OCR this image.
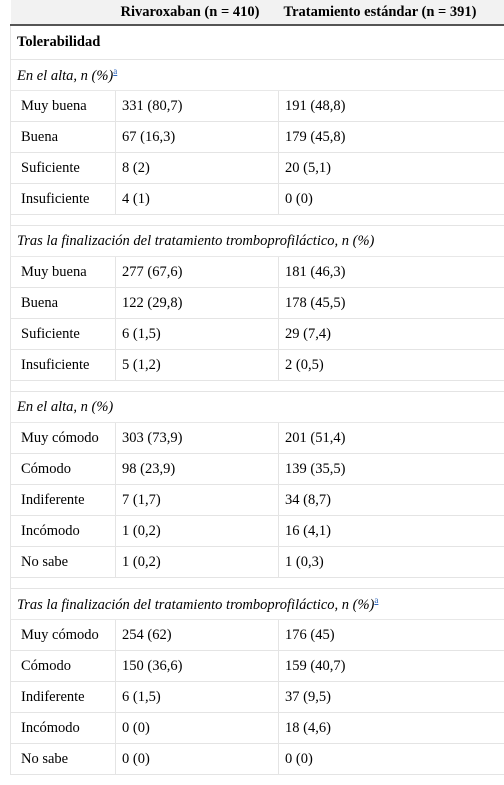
	Rivaroxaban (n = 410)	Tratamiento estándar (n = 391)
Tolerabilidad		
En el alta, n (%)$^a$
Muy buena	331 (80,7)	191 (48,8)
Buena	67 (16,3)	179 (45,8)
Suficiente	8 (2)	20 (5,1)
Insuficiente	4 (1)	0 (0)

Tras la finalización del tratamiento tromboprofiláctico, n (%)		
Muy buena	277 (67,6)	181 (46,3)
Buena	122 (29,8)	178 (45,5)
Suficiente	6 (1,5)	29 (7,4)
Insuficiente	5 (1,2)	2 (0,5)

En el alta, n (%)		
Muy cómodo	303 (73,9)	201 (51,4)
Cómodo	98 (23,9)	139 (35,5)
Indiferente	7 (1,7)	34 (8,7)
Incómodo	1 (0,2)	16 (4,1)
No sabe	1 (0,2)	1 (0,3)

Tras la finalización del tratamiento tromboprofiláctico, n (%)$^a$
Muy cómodo	254 (62)	176 (45)
Cómodo	150 (36,6)	159 (40,7)
Indiferente	6 (1,5)	37 (9,5)
Incómodo	0 (0)	18 (4,6)
No sabe	0 (0)	0 (0)
